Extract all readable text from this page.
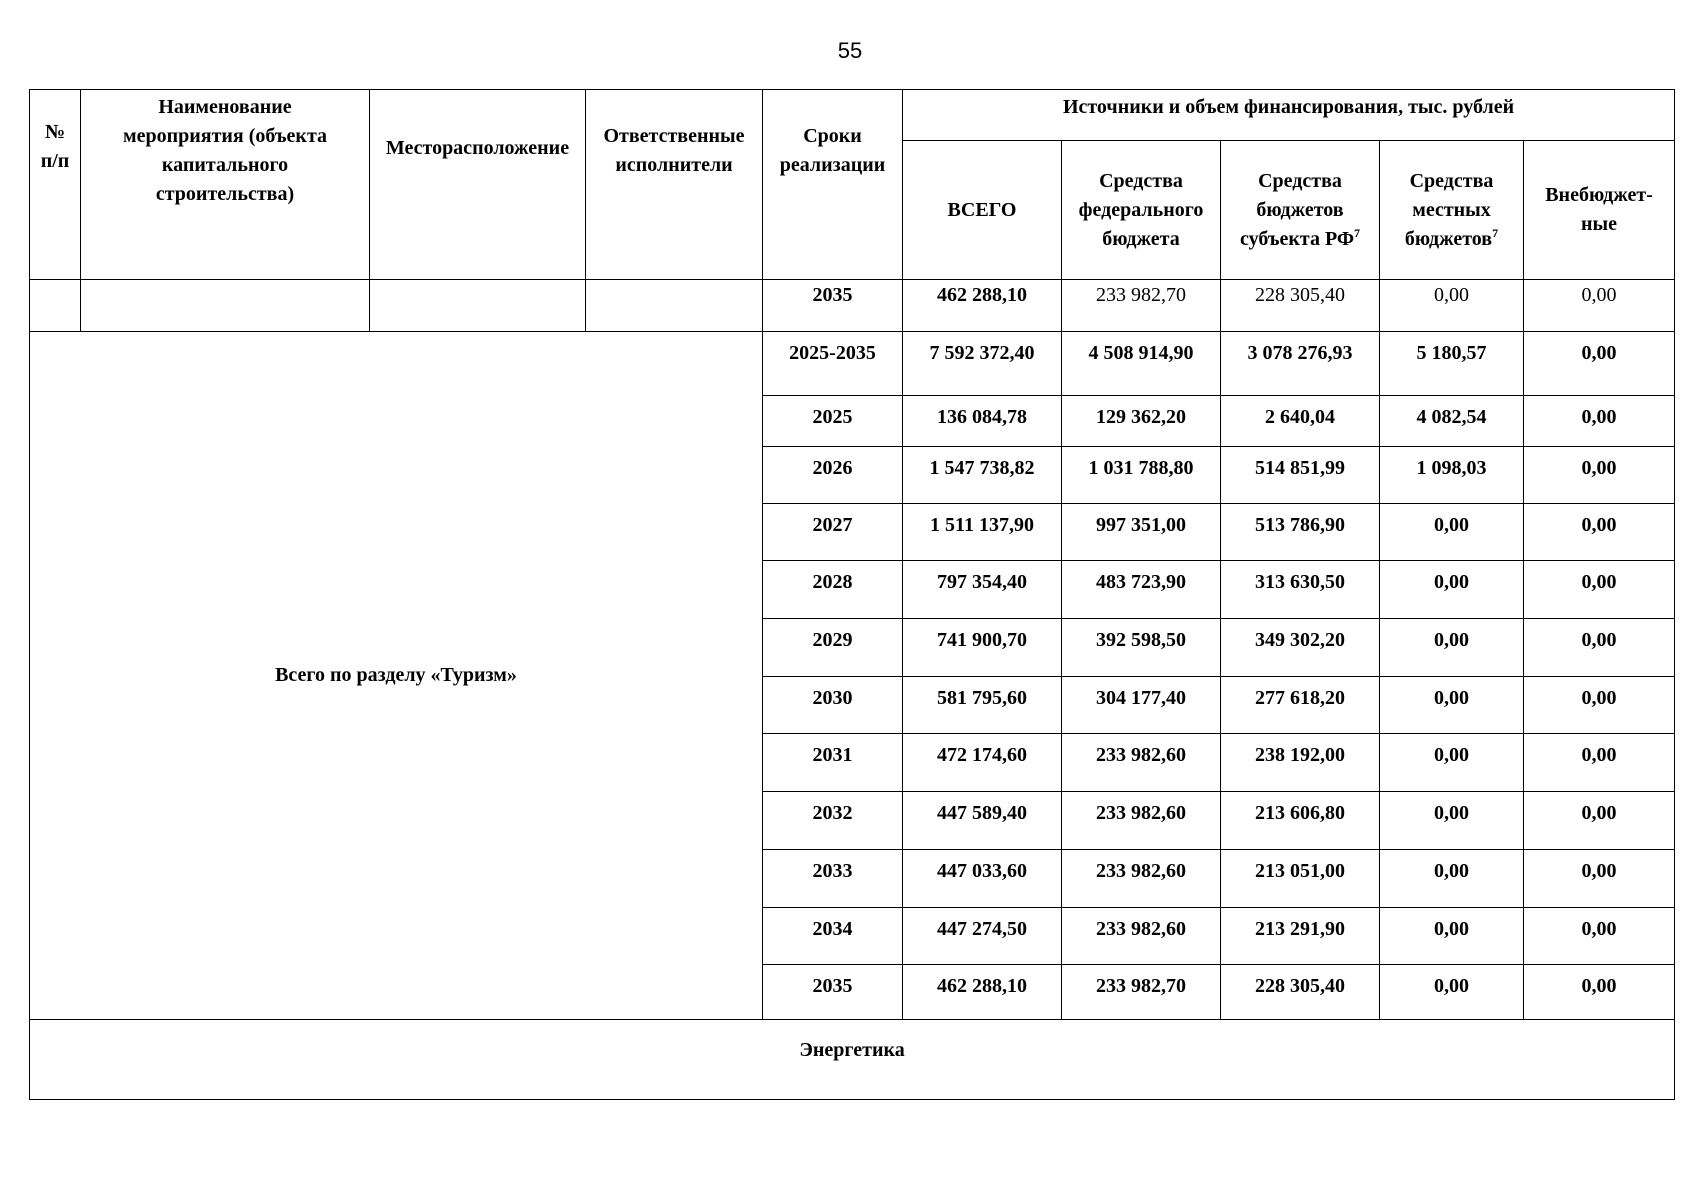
55
№
п/п	Наименование мероприятия (объекта капитального строительства)	Месторасположение	Ответственные исполнители	Сроки реализации	Источники и объем финансирования, тыс. рублей				
					ВСЕГО	Средства федерального бюджета	Средства бюджетов субъекта $РФ^7$	Средства местных бюджетов$^7$	Внебюджет-
ные

				2035	462 288,10	233 982,70	228 305,40	0,00	0,00
Всего по разделу «Туризм»				2025-2035	7 592 372,40	4 508 914,90	3 078 276,93	5 180,57	0,00
				2025	136 084,78	129 362,20	2 640,04	4 082,54	0,00
				2026	1 547 738,82	1 031 788,80	514 851,99	1 098,03	0,00
				2027	1 511 137,90	997 351,00	513 786,90	0,00	0,00
				2028	797 354,40	483 723,90	313 630,50	0,00	0,00
				2029	741 900,70	392 598,50	349 302,20	0,00	0,00
				2030	581 795,60	304 177,40	277 618,20	0,00	0,00
				2031	472 174,60	233 982,60	238 192,00	0,00	0,00
				2032	447 589,40	233 982,60	213 606,80	0,00	0,00
				2033	447 033,60	233 982,60	213 051,00	0,00	0,00
				2034	447 274,50	233 982,60	213 291,90	0,00	0,00
				2035	462 288,10	233 982,70	228 305,40	0,00	0,00
Энергетика									
